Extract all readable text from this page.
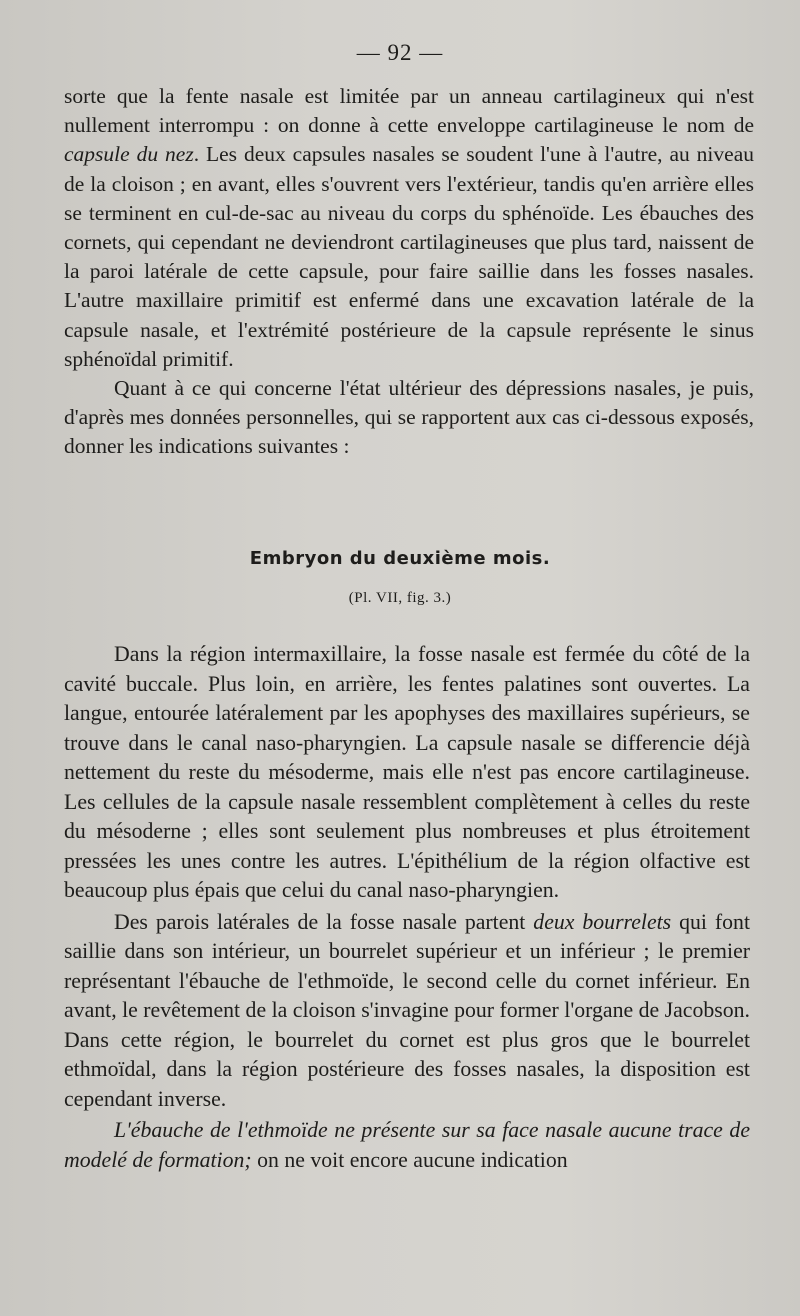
— 92 —

sorte que la fente nasale est limitée par un anneau cartilagineux qui n'est nullement interrompu : on donne à cette enveloppe cartilagineuse le nom de capsule du nez. Les deux capsules nasales se soudent l'une à l'autre, au niveau de la cloison ; en avant, elles s'ouvrent vers l'extérieur, tandis qu'en arrière elles se terminent en cul-de-sac au niveau du corps du sphénoïde. Les ébauches des cornets, qui cependant ne deviendront cartilagineuses que plus tard, naissent de la paroi latérale de cette capsule, pour faire saillie dans les fosses nasales. L'autre maxillaire primitif est enfermé dans une excavation latérale de la capsule nasale, et l'extrémité postérieure de la capsule représente le sinus sphénoïdal primitif.

Quant à ce qui concerne l'état ultérieur des dépressions nasales, je puis, d'après mes données personnelles, qui se rapportent aux cas ci-dessous exposés, donner les indications suivantes :

Embryon du deuxième mois.
(Pl. VII, fig. 3.)

Dans la région intermaxillaire, la fosse nasale est fermée du côté de la cavité buccale. Plus loin, en arrière, les fentes palatines sont ouvertes. La langue, entourée latéralement par les apophyses des maxillaires supérieurs, se trouve dans le canal naso-pharyngien. La capsule nasale se differencie déjà nettement du reste du mésoderme, mais elle n'est pas encore cartilagineuse. Les cellules de la capsule nasale ressemblent complètement à celles du reste du mésoderne ; elles sont seulement plus nombreuses et plus étroitement pressées les unes contre les autres. L'épithélium de la région olfactive est beaucoup plus épais que celui du canal naso-pharyngien.

Des parois latérales de la fosse nasale partent deux bourrelets qui font saillie dans son intérieur, un bourrelet supérieur et un inférieur ; le premier représentant l'ébauche de l'ethmoïde, le second celle du cornet inférieur. En avant, le revêtement de la cloison s'invagine pour former l'organe de Jacobson. Dans cette région, le bourrelet du cornet est plus gros que le bourrelet ethmoïdal, dans la région postérieure des fosses nasales, la disposition est cependant inverse.

L'ébauche de l'ethmoïde ne présente sur sa face nasale aucune trace de modelé de formation; on ne voit encore aucune indication
